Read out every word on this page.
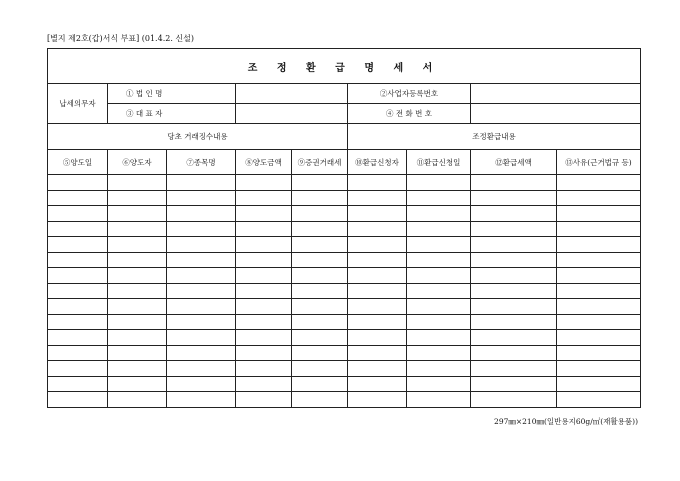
[별지 제2호(갑)서식 부표] (01.4.2. 신설)
조 정 환 급 명 세 서								
납세의무자	① 법 인 명				②사업자등록번호			
	③ 대 표 자				④ 전 화 번 호			
당초 거래징수내용					조정환급내용			
⑤양도일	⑥양도자	⑦종목명	⑧양도금액	⑨증권거래세	⑩환급신청자	⑪환급신청일	⑫환급세액	⑬사유(근거법규 등)

297㎜×210㎜(일반용지60g/㎡(재활용품))
